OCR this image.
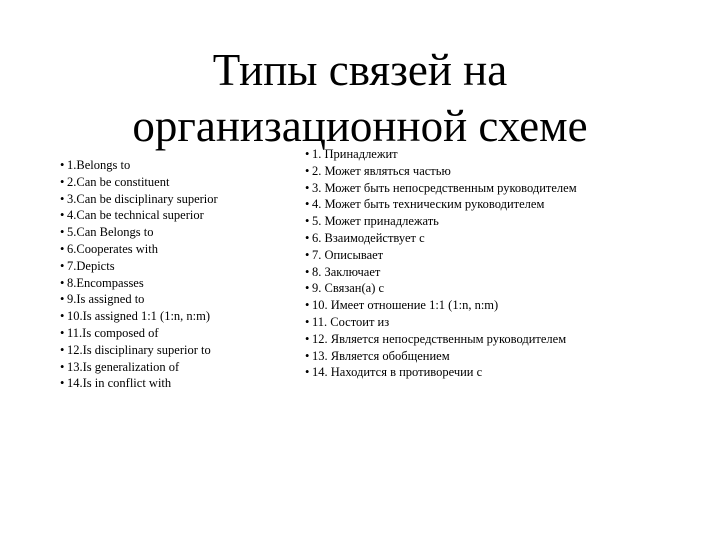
Типы связей на
организационной схеме
• 1.Belongs to
• 2.Can be constituent
• 3.Can be disciplinary superior
• 4.Can be technical superior
• 5.Can Belongs to
• 6.Cooperates with
• 7.Depicts
• 8.Encompasses
• 9.Is assigned to
• 10.Is assigned 1:1 (1:n, n:m)
• 11.Is composed of
• 12.Is disciplinary superior to
• 13.Is generalization of
• 14.Is in conflict with
• 1. Принадлежит
• 2. Может являться частью
• 3. Может быть непосредственным руководителем
• 4. Может быть техническим руководителем
• 5. Может принадлежать
• 6. Взаимодействует с
• 7. Описывает
• 8. Заключает
• 9. Связан(а) с
• 10. Имеет отношение 1:1 (1:n, n:m)
• 11. Состоит из
• 12. Является непосредственным руководителем
• 13. Является обобщением
• 14. Находится в противоречии с
